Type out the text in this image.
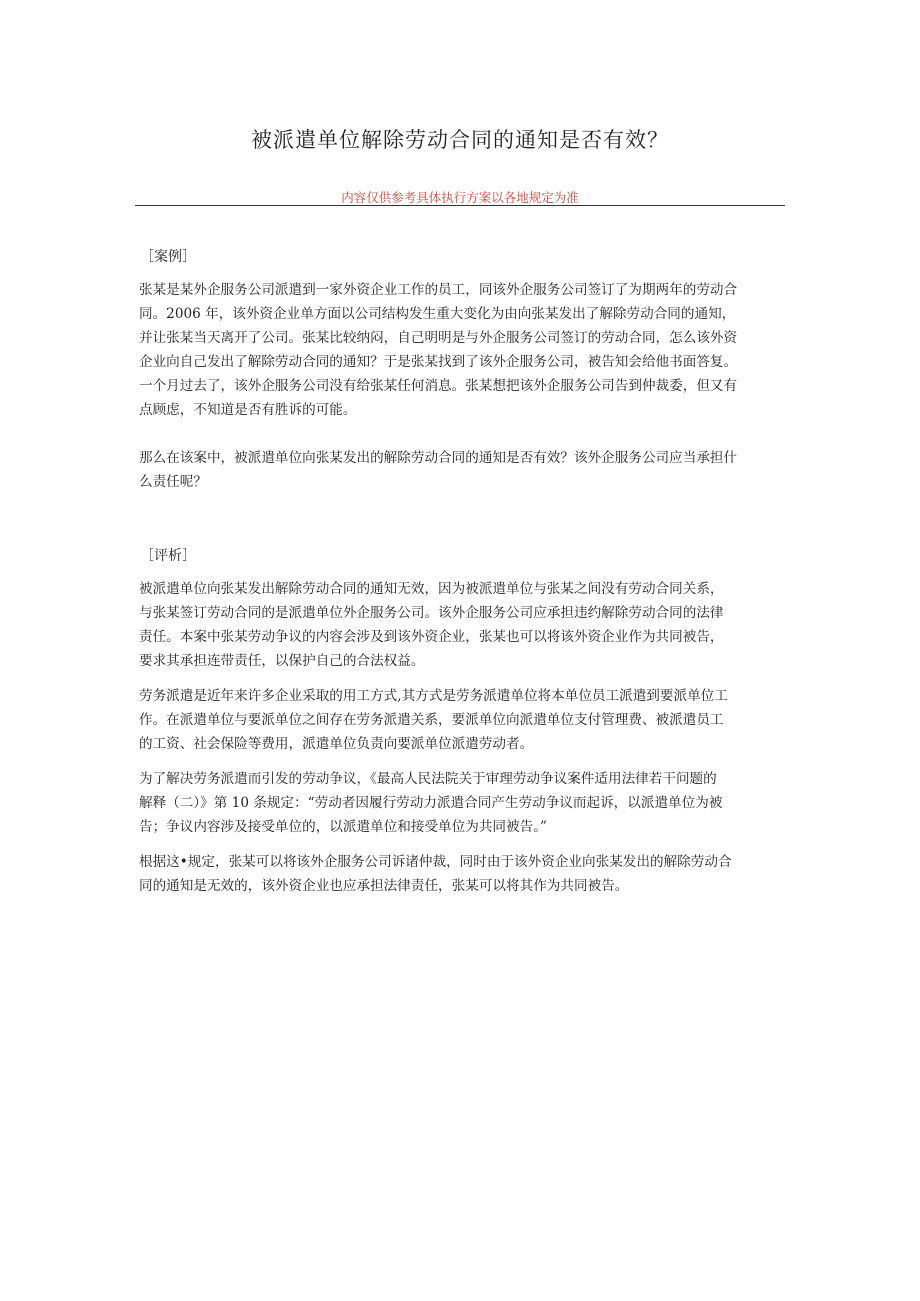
被派遣单位解除劳动合同的通知是否有效？
内容仅供参考具体执行方案以各地规定为准
［案例］

张某是某外企服务公司派遣到一家外资企业工作的员工，同该外企服务公司签订了为期两年的劳动合
同。2006 年，该外资企业单方面以公司结构发生重大变化为由向张某发出了解除劳动合同的通知，
并让张某当天离开了公司。张某比较纳闷，自己明明是与外企服务公司签订的劳动合同，怎么该外资
企业向自己发出了解除劳动合同的通知？于是张某找到了该外企服务公司，被告知会给他书面答复。
一个月过去了，该外企服务公司没有给张某任何消息。张某想把该外企服务公司告到仲裁委，但又有
点顾虑，不知道是否有胜诉的可能。

那么在该案中，被派遣单位向张某发出的解除劳动合同的通知是否有效？该外企服务公司应当承担什
么责任呢？

［评析］

被派遣单位向张某发出解除劳动合同的通知无效，因为被派遣单位与张某之间没有劳动合同关系，
与张某签订劳动合同的是派遣单位外企服务公司。该外企服务公司应承担违约解除劳动合同的法律
责任。本案中张某劳动争议的内容会涉及到该外资企业，张某也可以将该外资企业作为共同被告，
要求其承担连带责任，以保护自己的合法权益。

劳务派遣是近年来许多企业采取的用工方式,其方式是劳务派遣单位将本单位员工派遣到要派单位工
作。在派遣单位与要派单位之间存在劳务派遣关系，要派单位向派遣单位支付管理费、被派遣员工
的工资、社会保险等费用，派遣单位负责向要派单位派遣劳动者。

为了解决劳务派遣而引发的劳动争议，《最高人民法院关于审理劳动争议案件适用法律若干问题的
解释（二）》第 10 条规定：“劳动者因履行劳动力派遣合同产生劳动争议而起诉，以派遣单位为被
告；争议内容涉及接受单位的，以派遣单位和接受单位为共同被告。”

根据这•规定，张某可以将该外企服务公司诉诸仲裁，同时由于该外资企业向张某发出的解除劳动合
同的通知是无效的，该外资企业也应承担法律责任，张某可以将其作为共同被告。
